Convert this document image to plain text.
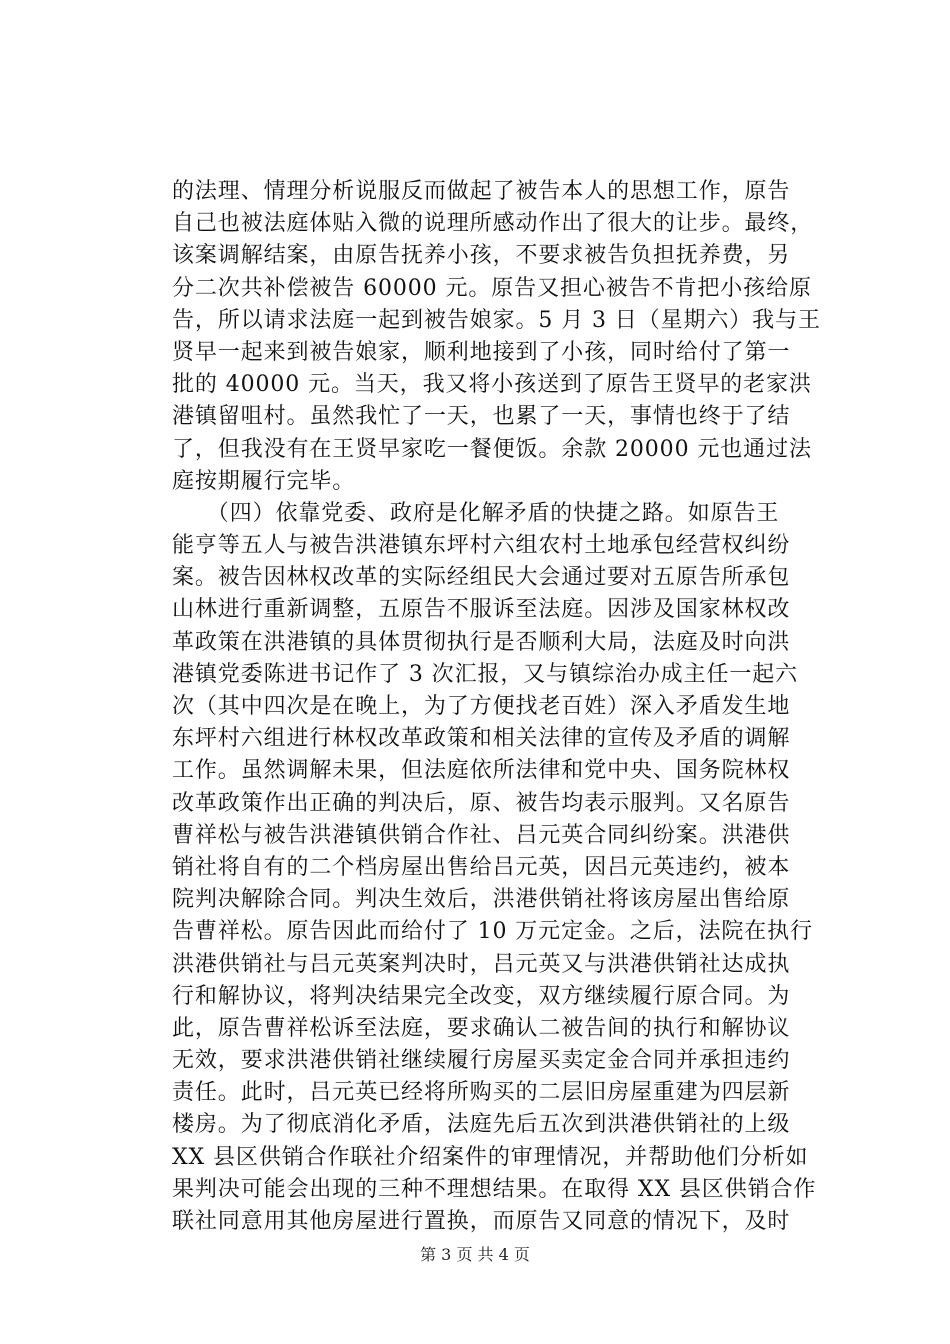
的法理、情理分析说服反而做起了被告本人的思想工作，原告
自己也被法庭体贴入微的说理所感动作出了很大的让步。最终，
该案调解结案，由原告抚养小孩，不要求被告负担抚养费，另
分二次共补偿被告 60000 元。原告又担心被告不肯把小孩给原
告，所以请求法庭一起到被告娘家。5 月 3 日（星期六）我与王
贤早一起来到被告娘家，顺利地接到了小孩，同时给付了第一
批的 40000 元。当天，我又将小孩送到了原告王贤早的老家洪
港镇留咀村。虽然我忙了一天，也累了一天，事情也终于了结
了，但我没有在王贤早家吃一餐便饭。余款 20000 元也通过法
庭按期履行完毕。
　　（四）依靠党委、政府是化解矛盾的快捷之路。如原告王
能亨等五人与被告洪港镇东坪村六组农村土地承包经营权纠纷
案。被告因林权改革的实际经组民大会通过要对五原告所承包
山林进行重新调整，五原告不服诉至法庭。因涉及国家林权改
革政策在洪港镇的具体贯彻执行是否顺利大局，法庭及时向洪
港镇党委陈进书记作了 3 次汇报，又与镇综治办成主任一起六
次（其中四次是在晚上，为了方便找老百姓）深入矛盾发生地
东坪村六组进行林权改革政策和相关法律的宣传及矛盾的调解
工作。虽然调解未果，但法庭依所法律和党中央、国务院林权
改革政策作出正确的判决后，原、被告均表示服判。又名原告
曹祥松与被告洪港镇供销合作社、吕元英合同纠纷案。洪港供
销社将自有的二个档房屋出售给吕元英，因吕元英违约，被本
院判决解除合同。判决生效后，洪港供销社将该房屋出售给原
告曹祥松。原告因此而给付了 10 万元定金。之后，法院在执行
洪港供销社与吕元英案判决时，吕元英又与洪港供销社达成执
行和解协议，将判决结果完全改变，双方继续履行原合同。为
此，原告曹祥松诉至法庭，要求确认二被告间的执行和解协议
无效，要求洪港供销社继续履行房屋买卖定金合同并承担违约
责任。此时，吕元英已经将所购买的二层旧房屋重建为四层新
楼房。为了彻底消化矛盾，法庭先后五次到洪港供销社的上级
XX 县区供销合作联社介绍案件的审理情况，并帮助他们分析如
果判决可能会出现的三种不理想结果。在取得 XX 县区供销合作
联社同意用其他房屋进行置换，而原告又同意的情况下，及时
第 3 页 共 4 页
